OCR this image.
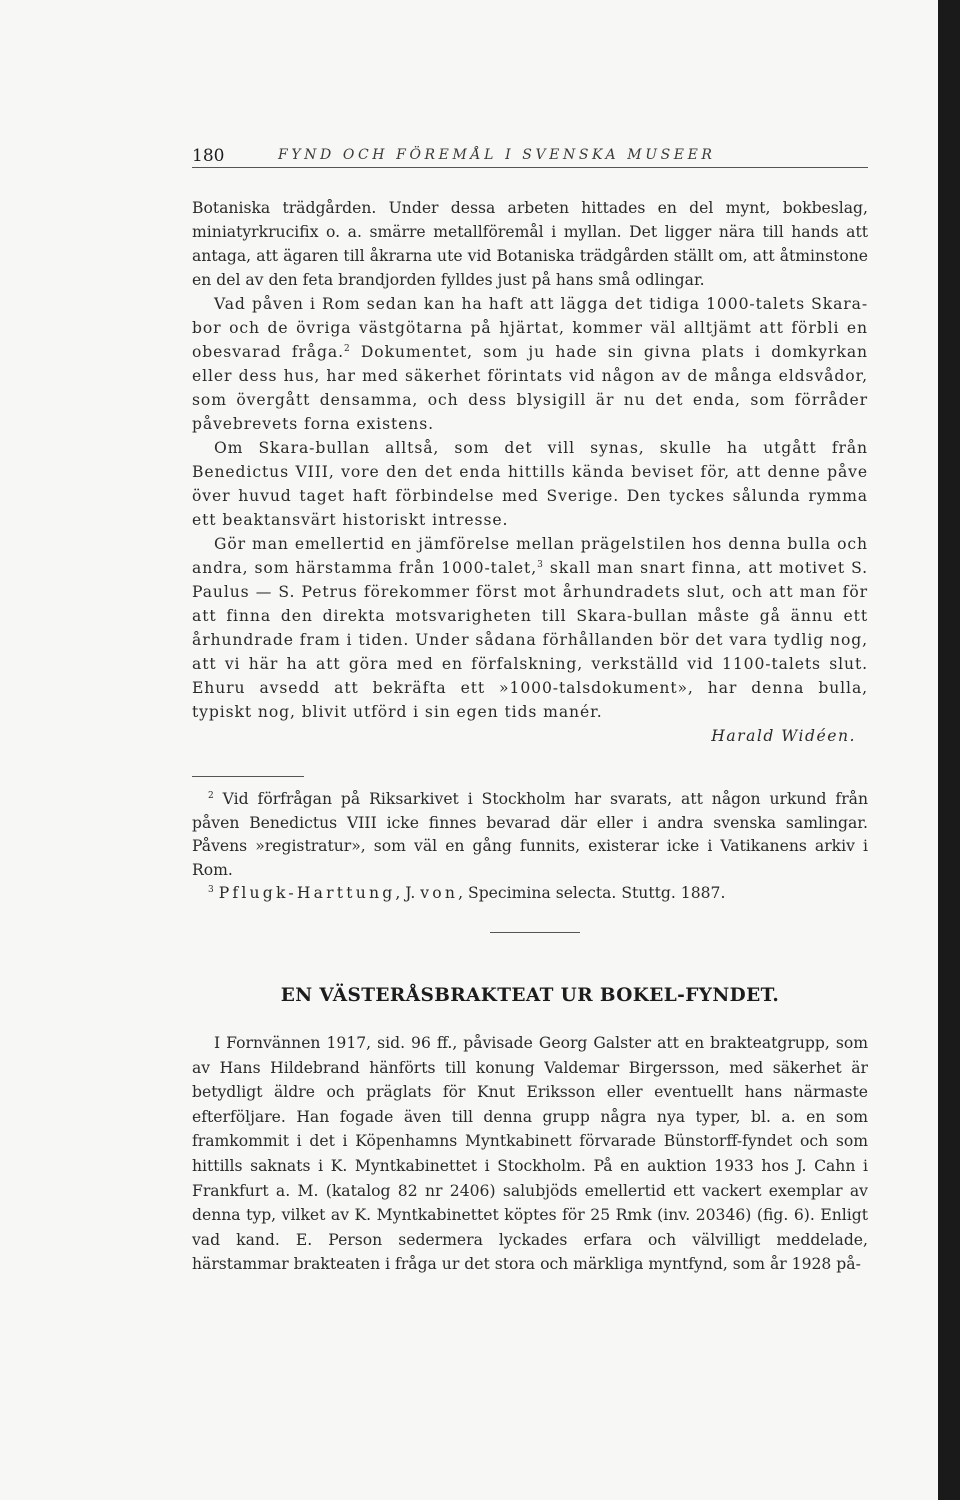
180	FYND OCH FÖREMÅL I SVENSKA MUSEER

Botaniska trädgården. Under dessa arbeten hittades en del mynt, bokbeslag, miniatyrkrucifix o. a. smärre metallföremål i myllan. Det ligger nära till hands att antaga, att ägaren till åkrarna ute vid Botaniska trädgården ställt om, att åtminstone en del av den feta brandjorden fylldes just på hans små odlingar.

Vad påven i Rom sedan kan ha haft att lägga det tidiga 1000-talets Skara-bor och de övriga västgötarna på hjärtat, kommer väl alltjämt att förbli en obesvarad fråga.$^2$ Dokumentet, som ju hade sin givna plats i domkyrkan eller dess hus, har med säkerhet förintats vid någon av de många eldsvådor, som övergått densamma, och dess blysigill är nu det enda, som förråder påvebrevets forna existens.

Om Skara-bullan alltså, som det vill synas, skulle ha utgått från Benedictus VIII, vore den det enda hittills kända beviset för, att denne påve över huvud taget haft förbindelse med Sverige. Den tyckes sålunda rymma ett beaktansvärt historiskt intresse.

Gör man emellertid en jämförelse mellan prägelstilen hos denna bulla och andra, som härstamma från 1000-talet,$^3$ skall man snart finna, att motivet S. Paulus — S. Petrus förekommer först mot århundradets slut, och att man för att finna den direkta motsvarigheten till Skara-bullan måste gå ännu ett århundrade fram i tiden. Under sådana förhållanden bör det vara tydlig nog, att vi här ha att göra med en förfalskning, verkställd vid 1100-talets slut. Ehuru avsedd att bekräfta ett »1000-talsdokument», har denna bulla, typiskt nog, blivit utförd i sin egen tids manér.

Harald Widéen.

$^2$ Vid förfrågan på Riksarkivet i Stockholm har svarats, att någon urkund från påven Benedictus VIII icke finnes bevarad där eller i andra svenska samlingar. Påvens »registratur», som väl en gång funnits, existerar icke i Vatikanens arkiv i Rom.

$^3$ Pflugk-Harttung, J. von, Specimina selecta. Stuttg. 1887.

EN VÄSTERÅSBRAKTEAT UR BOKEL-FYNDET.

I Fornvännen 1917, sid. 96 ff., påvisade Georg Galster att en brakteatgrupp, som av Hans Hildebrand hänförts till konung Valdemar Birgersson, med säkerhet är betydligt äldre och präglats för Knut Eriksson eller eventuellt hans närmaste efterföljare. Han fogade även till denna grupp några nya typer, bl. a. en som framkommit i det i Köpenhamns Myntkabinett förvarade Bünstorff-fyndet och som hittills saknats i K. Myntkabinettet i Stockholm. På en auktion 1933 hos J. Cahn i Frankfurt a. M. (katalog 82 nr 2406) salubjöds emellertid ett vackert exemplar av denna typ, vilket av K. Myntkabinettet köptes för 25 Rmk (inv. 20346) (fig. 6). Enligt vad kand. E. Person sedermera lyckades erfara och välvilligt meddelade, härstammar brakteaten i fråga ur det stora och märkliga myntfynd, som år 1928 på-
